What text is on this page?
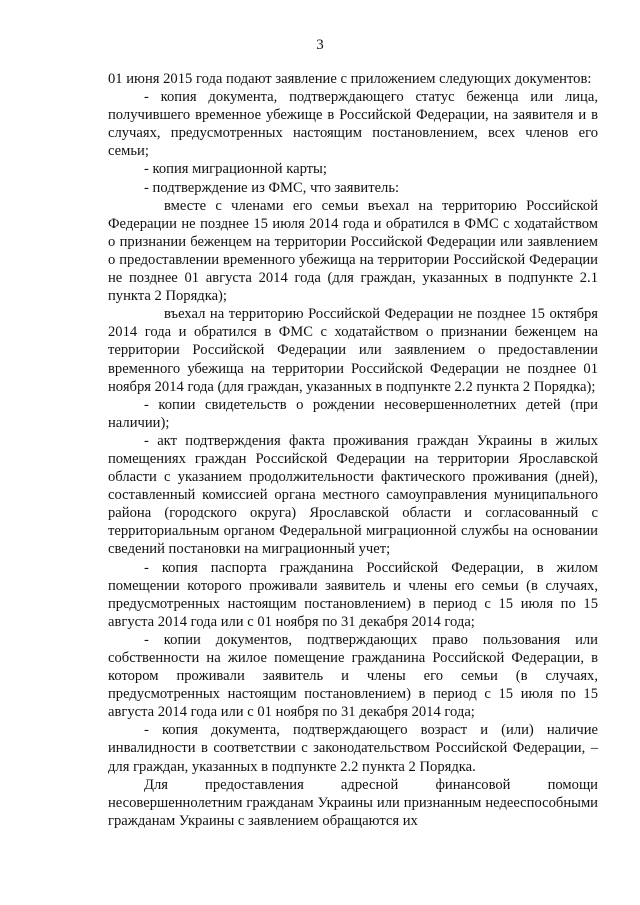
3

01 июня 2015 года подают заявление с приложением следующих документов:

- копия документа, подтверждающего статус беженца или лица, получившего временное убежище в Российской Федерации, на заявителя и в случаях, предусмотренных настоящим постановлением, всех членов его семьи;

- копия миграционной карты;

- подтверждение из ФМС, что заявитель:

вместе с членами его семьи въехал на территорию Российской Федерации не позднее 15 июля 2014 года и обратился в ФМС с ходатайством о признании беженцем на территории Российской Федерации или заявлением о предоставлении временного убежища на территории Российской Федерации не позднее 01 августа 2014 года (для граждан, указанных в подпункте 2.1 пункта 2 Порядка);

въехал на территорию Российской Федерации не позднее 15 октября 2014 года и обратился в ФМС с ходатайством о признании беженцем на территории Российской Федерации или заявлением о предоставлении временного убежища на территории Российской Федерации не позднее 01 ноября 2014 года (для граждан, указанных в подпункте 2.2 пункта 2 Порядка);

- копии свидетельств о рождении несовершеннолетних детей (при наличии);

- акт подтверждения факта проживания граждан Украины в жилых помещениях граждан Российской Федерации на территории Ярославской области с указанием продолжительности фактического проживания (дней), составленный комиссией органа местного самоуправления муниципального района (городского округа) Ярославской области и согласованный с территориальным органом Федеральной миграционной службы на основании сведений постановки на миграционный учет;

- копия паспорта гражданина Российской Федерации, в жилом помещении которого проживали заявитель и члены его семьи (в случаях, предусмотренных настоящим постановлением) в период с 15 июля по 15 августа 2014 года или с 01 ноября по 31 декабря 2014 года;

- копии документов, подтверждающих право пользования или собственности на жилое помещение гражданина Российской Федерации, в котором проживали заявитель и члены его семьи (в случаях, предусмотренных настоящим постановлением) в период с 15 июля по 15 августа 2014 года или с 01 ноября по 31 декабря 2014 года;

- копия документа, подтверждающего возраст и (или) наличие инвалидности в соответствии с законодательством Российской Федерации, – для граждан, указанных в подпункте 2.2 пункта 2 Порядка.

Для предоставления адресной финансовой помощи несовершеннолетним гражданам Украины или признанным недееспособными гражданам Украины с заявлением обращаются их
